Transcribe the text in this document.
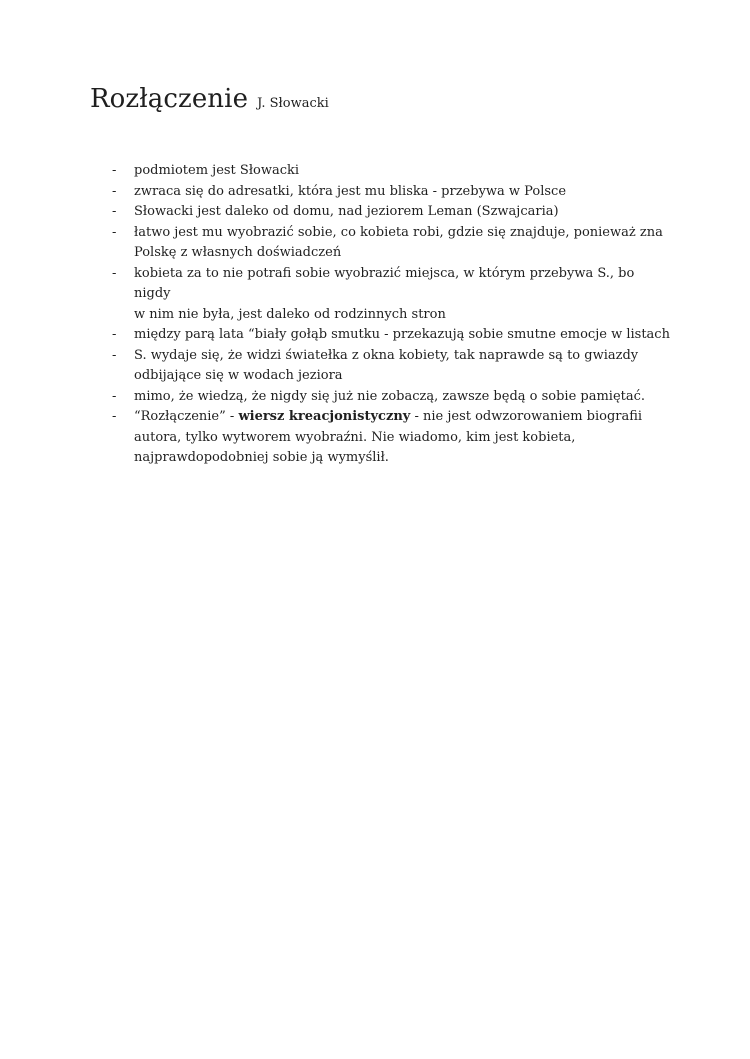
Rozłączenie J. Słowacki
-	podmiotem jest Słowacki
-	zwraca się do adresatki, która jest mu bliska - przebywa w Polsce
-	Słowacki jest daleko od domu, nad jeziorem Leman (Szwajcaria)
-	łatwo jest mu wyobrazić sobie, co kobieta robi, gdzie się znajduje, ponieważ zna
Polskę z własnych doświadczeń
-	kobieta za to nie potrafi sobie wyobrazić miejsca, w którym przebywa S., bo nigdy
w nim nie była, jest daleko od rodzinnych stron
-	między parą lata “biały gołąb smutku - przekazują sobie smutne emocje w listach
-	S. wydaje się, że widzi światełka z okna kobiety, tak naprawde są to gwiazdy
odbijające się w wodach jeziora
-	mimo, że wiedzą, że nigdy się już nie zobaczą, zawsze będą o sobie pamiętać.
-	“Rozłączenie” - wiersz kreacjonistyczny - nie jest odwzorowaniem biografii
autora, tylko wytworem wyobraźni. Nie wiadomo, kim jest kobieta,
najprawdopodobniej sobie ją wymyślił.
